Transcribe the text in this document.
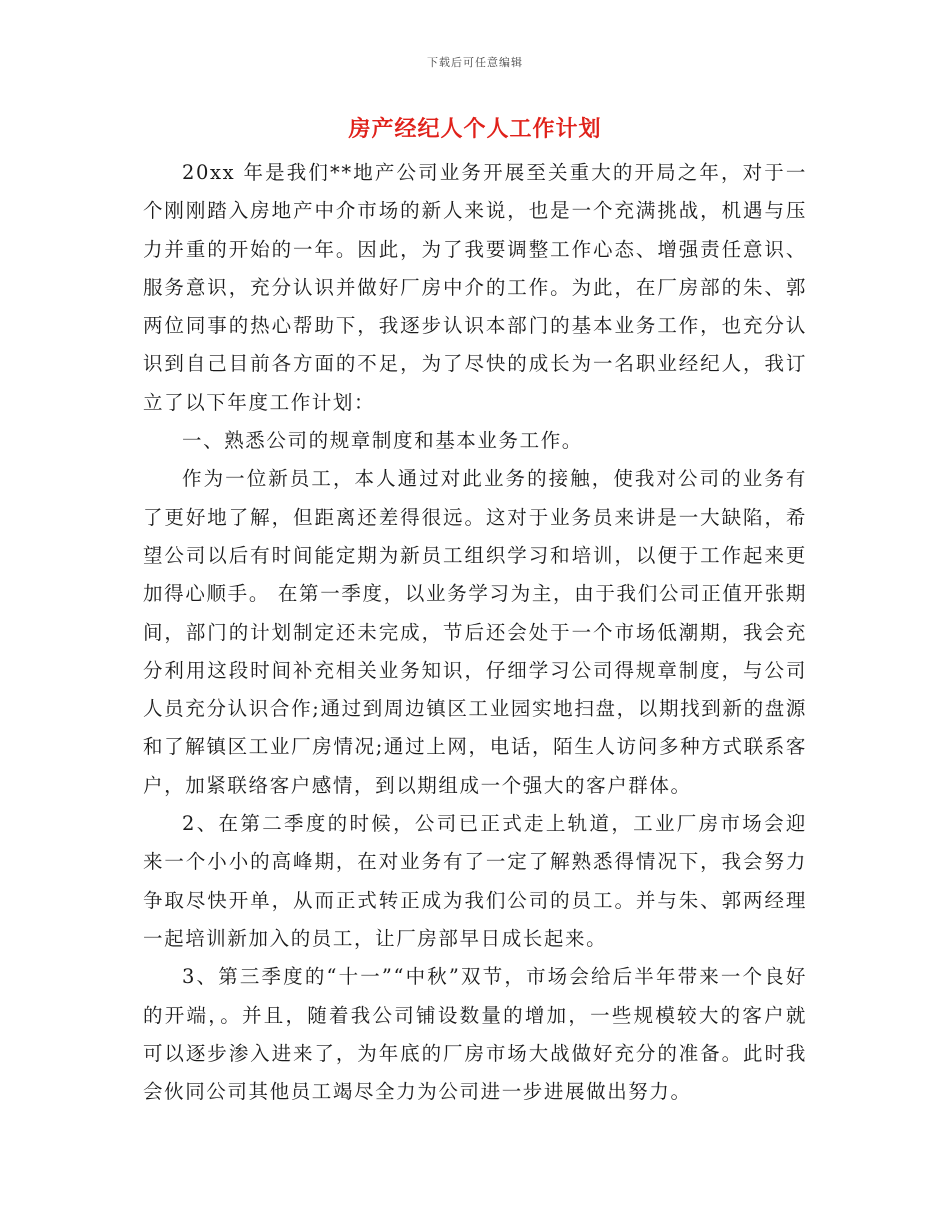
下载后可任意编辑
房产经纪人个人工作计划

20xx 年是我们**地产公司业务开展至关重大的开局之年，对于一个刚刚踏入房地产中介市场的新人来说，也是一个充满挑战，机遇与压力并重的开始的一年。因此，为了我要调整工作心态、增强责任意识、服务意识，充分认识并做好厂房中介的工作。为此，在厂房部的朱、郭两位同事的热心帮助下，我逐步认识本部门的基本业务工作，也充分认识到自己目前各方面的不足，为了尽快的成长为一名职业经纪人，我订立了以下年度工作计划：

一、熟悉公司的规章制度和基本业务工作。

作为一位新员工，本人通过对此业务的接触，使我对公司的业务有了更好地了解，但距离还差得很远。这对于业务员来讲是一大缺陷，希望公司以后有时间能定期为新员工组织学习和培训，以便于工作起来更加得心顺手。 在第一季度，以业务学习为主，由于我们公司正值开张期间，部门的计划制定还未完成，节后还会处于一个市场低潮期，我会充分利用这段时间补充相关业务知识，仔细学习公司得规章制度，与公司人员充分认识合作;通过到周边镇区工业园实地扫盘，以期找到新的盘源和了解镇区工业厂房情况;通过上网，电话，陌生人访问多种方式联系客户，加紧联络客户感情，到以期组成一个强大的客户群体。

2、在第二季度的时候，公司已正式走上轨道，工业厂房市场会迎来一个小小的高峰期，在对业务有了一定了解熟悉得情况下，我会努力争取尽快开单，从而正式转正成为我们公司的员工。并与朱、郭两经理一起培训新加入的员工，让厂房部早日成长起来。

3、第三季度的“十一”“中秋”双节，市场会给后半年带来一个良好的开端，。并且，随着我公司铺设数量的增加，一些规模较大的客户就可以逐步渗入进来了，为年底的厂房市场大战做好充分的准备。此时我会伙同公司其他员工竭尽全力为公司进一步进展做出努力。
